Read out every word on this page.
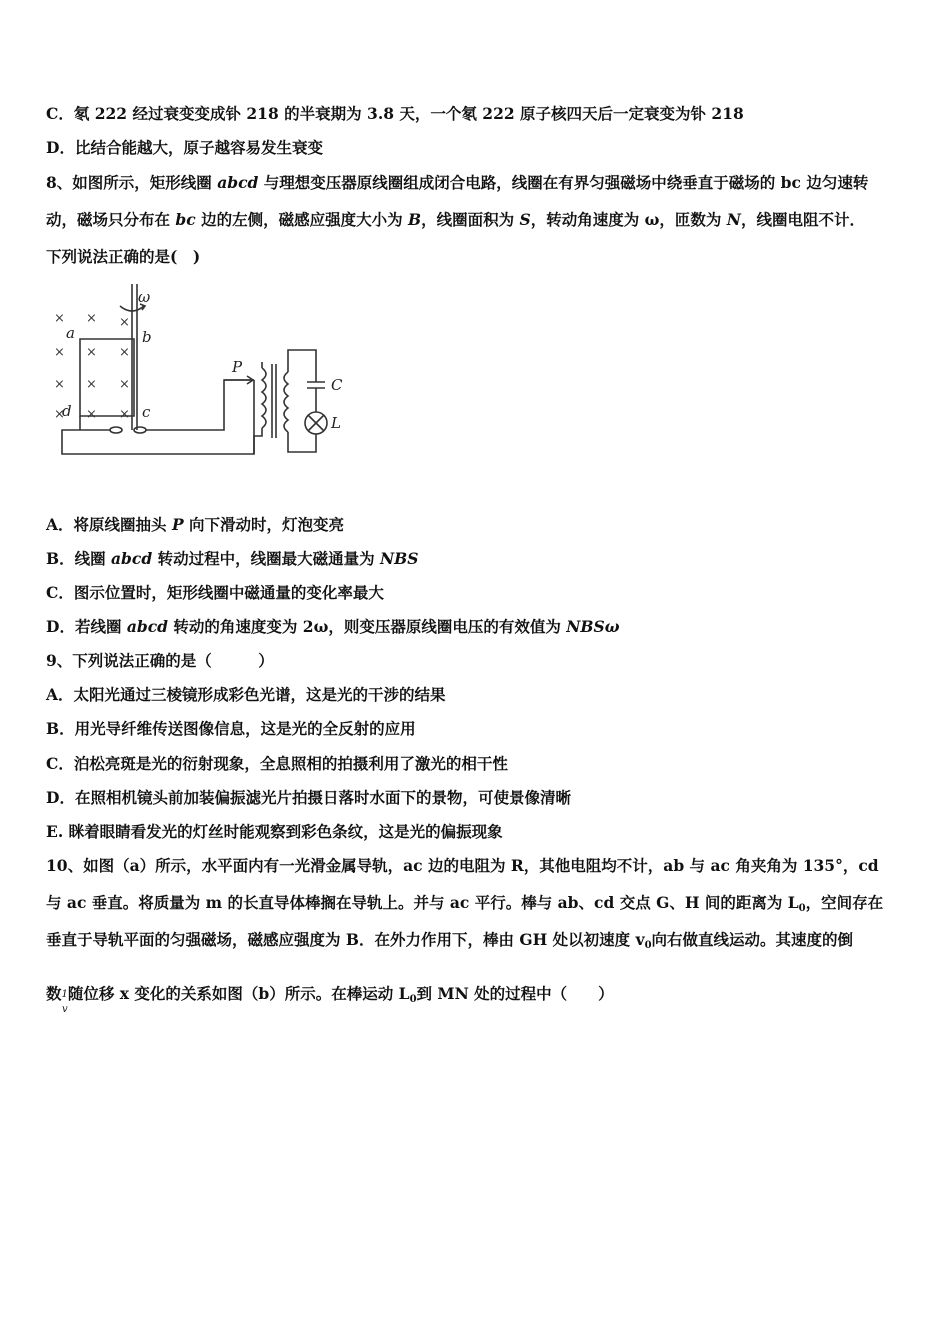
C．氡 222 经过衰变变成钋 218 的半衰期为 3.8 天，一个氡 222 原子核四天后一定衰变为钋 218
D．比结合能越大，原子越容易发生衰变
8、如图所示，矩形线圈 abcd 与理想变压器原线圈组成闭合电路，线圈在有界匀强磁场中绕垂直于磁场的 bc 边匀速转
动，磁场只分布在 bc 边的左侧，磁感应强度大小为 B，线圈面积为 S，转动角速度为 ω，匝数为 N，线圈电阻不计．
下列说法正确的是(　)
× × ×
× × ×
× × ×
× × ×
ω
a	b
c
d
P
C
L
A．将原线圈抽头 P 向下滑动时，灯泡变亮
B．线圈 abcd 转动过程中，线圈最大磁通量为 NBS
C．图示位置时，矩形线圈中磁通量的变化率最大
D．若线圈 abcd 转动的角速度变为 2ω，则变压器原线圈电压的有效值为 NBSω
9、下列说法正确的是（　　　）
A．太阳光通过三棱镜形成彩色光谱，这是光的干涉的结果
B．用光导纤维传送图像信息，这是光的全反射的应用
C．泊松亮斑是光的衍射现象，全息照相的拍摄利用了激光的相干性
D．在照相机镜头前加装偏振滤光片拍摄日落时水面下的景物，可使景像清晰
E. 眯着眼睛看发光的灯丝时能观察到彩色条纹，这是光的偏振现象
10、如图（a）所示，水平面内有一光滑金属导轨，ac 边的电阻为 R，其他电阻均不计，ab 与 ac 角夹角为 135°，cd
与 ac 垂直。将质量为 m 的长直导体棒搁在导轨上。并与 ac 平行。棒与 ab、cd 交点 G、H 间的距离为 $L_0$，空间存在
垂直于导轨平面的匀强磁场，磁感应强度为 B．在外力作用下，棒由 GH 处以初速度 $v_0$向右做直线运动。其速度的倒
数1随位移 x 变化的关系如图（b）所示。在棒运动 $L_0$到 MN 处的过程中（　　）
v
